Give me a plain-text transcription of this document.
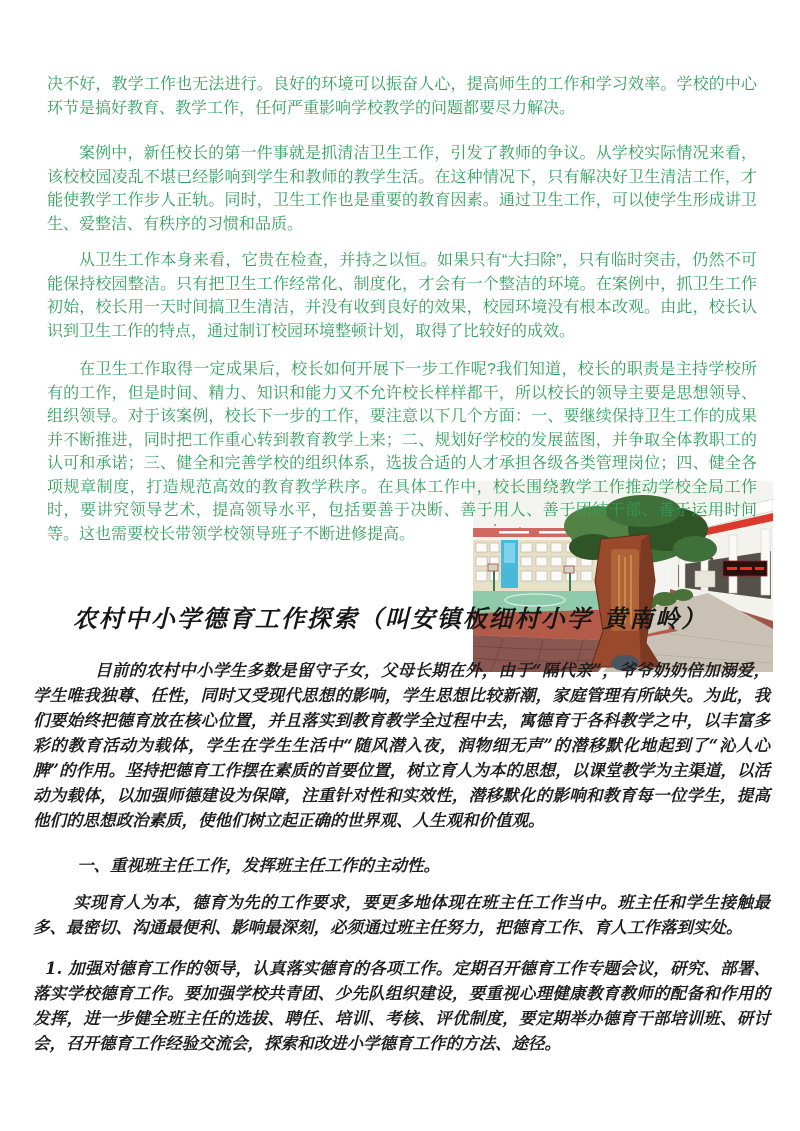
决不好，教学工作也无法进行。良好的环境可以振奋人心，提高师生的工作和学习效率。学校的中心环节是搞好教育、教学工作，任何严重影响学校教学的问题都要尽力解决。

案例中，新任校长的第一件事就是抓清洁卫生工作，引发了教师的争议。从学校实际情况来看，该校校园凌乱不堪已经影响到学生和教师的教学生活。在这种情况下，只有解决好卫生清洁工作，才能使教学工作步人正轨。同时，卫生工作也是重要的教育因素。通过卫生工作，可以使学生形成讲卫生、爱整洁、有秩序的习惯和品质。

从卫生工作本身来看，它贵在检查，并持之以恒。如果只有“大扫除”，只有临时突击，仍然不可能保持校园整洁。只有把卫生工作经常化、制度化，才会有一个整洁的环境。在案例中，抓卫生工作初始，校长用一天时间搞卫生清洁，并没有收到良好的效果，校园环境没有根本改观。由此，校长认识到卫生工作的特点，通过制订校园环境整顿计划，取得了比较好的成效。

在卫生工作取得一定成果后，校长如何开展下一步工作呢?我们知道，校长的职责是主持学校所有的工作，但是时间、精力、知识和能力又不允许校长样样都干，所以校长的领导主要是思想领导、组织领导。对于该案例，校长下一步的工作，要注意以下几个方面：一、要继续保持卫生工作的成果并不断推进，同时把工作重心转到教育教学上来；二、规划好学校的发展蓝图，并争取全体教职工的认可和承诺；三、健全和完善学校的组织体系，选拔合适的人才承担各级各类管理岗位；四、健全各项规章制度，打造规范高效的教育教学秩序。在具体工作中，校长围绕教学工作推动学校全局工作时，要讲究领导艺术，提高领导水平，包括要善于决断、善于用人、善于团结干部、善于运用时间等。这也需要校长带领学校领导班子不断进修提高。

农村中小学德育工作探索（叫安镇板细村小学 黄南岭）

目前的农村中小学生多数是留守子女，父母长期在外，由于“隔代亲”，爷爷奶奶倍加溺爱，学生唯我独尊、任性，同时又受现代思想的影响，学生思想比较新潮，家庭管理有所缺失。为此，我们要始终把德育放在核心位置，并且落实到教育教学全过程中去，寓德育于各科教学之中，以丰富多彩的教育活动为载体，学生在学生生活中“随风潜入夜，润物细无声”的潜移默化地起到了“沁人心脾”的作用。坚持把德育工作摆在素质的首要位置，树立育人为本的思想，以课堂教学为主渠道，以活动为载体，以加强师德建设为保障，注重针对性和实效性，潜移默化的影响和教育每一位学生，提高他们的思想政治素质，使他们树立起正确的世界观、人生观和价值观。

一、重视班主任工作，发挥班主任工作的主动性。

实现育人为本，德育为先的工作要求，要更多地体现在班主任工作当中。班主任和学生接触最多、最密切、沟通最便利、影响最深刻，必须通过班主任努力，把德育工作、育人工作落到实处。

1. 加强对德育工作的领导，认真落实德育的各项工作。定期召开德育工作专题会议，研究、部署、落实学校德育工作。要加强学校共青团、少先队组织建设，要重视心理健康教育教师的配备和作用的发挥，进一步健全班主任的选拔、聘任、培训、考核、评优制度，要定期举办德育干部培训班、研讨会，召开德育工作经验交流会，探索和改进小学德育工作的方法、途径。
